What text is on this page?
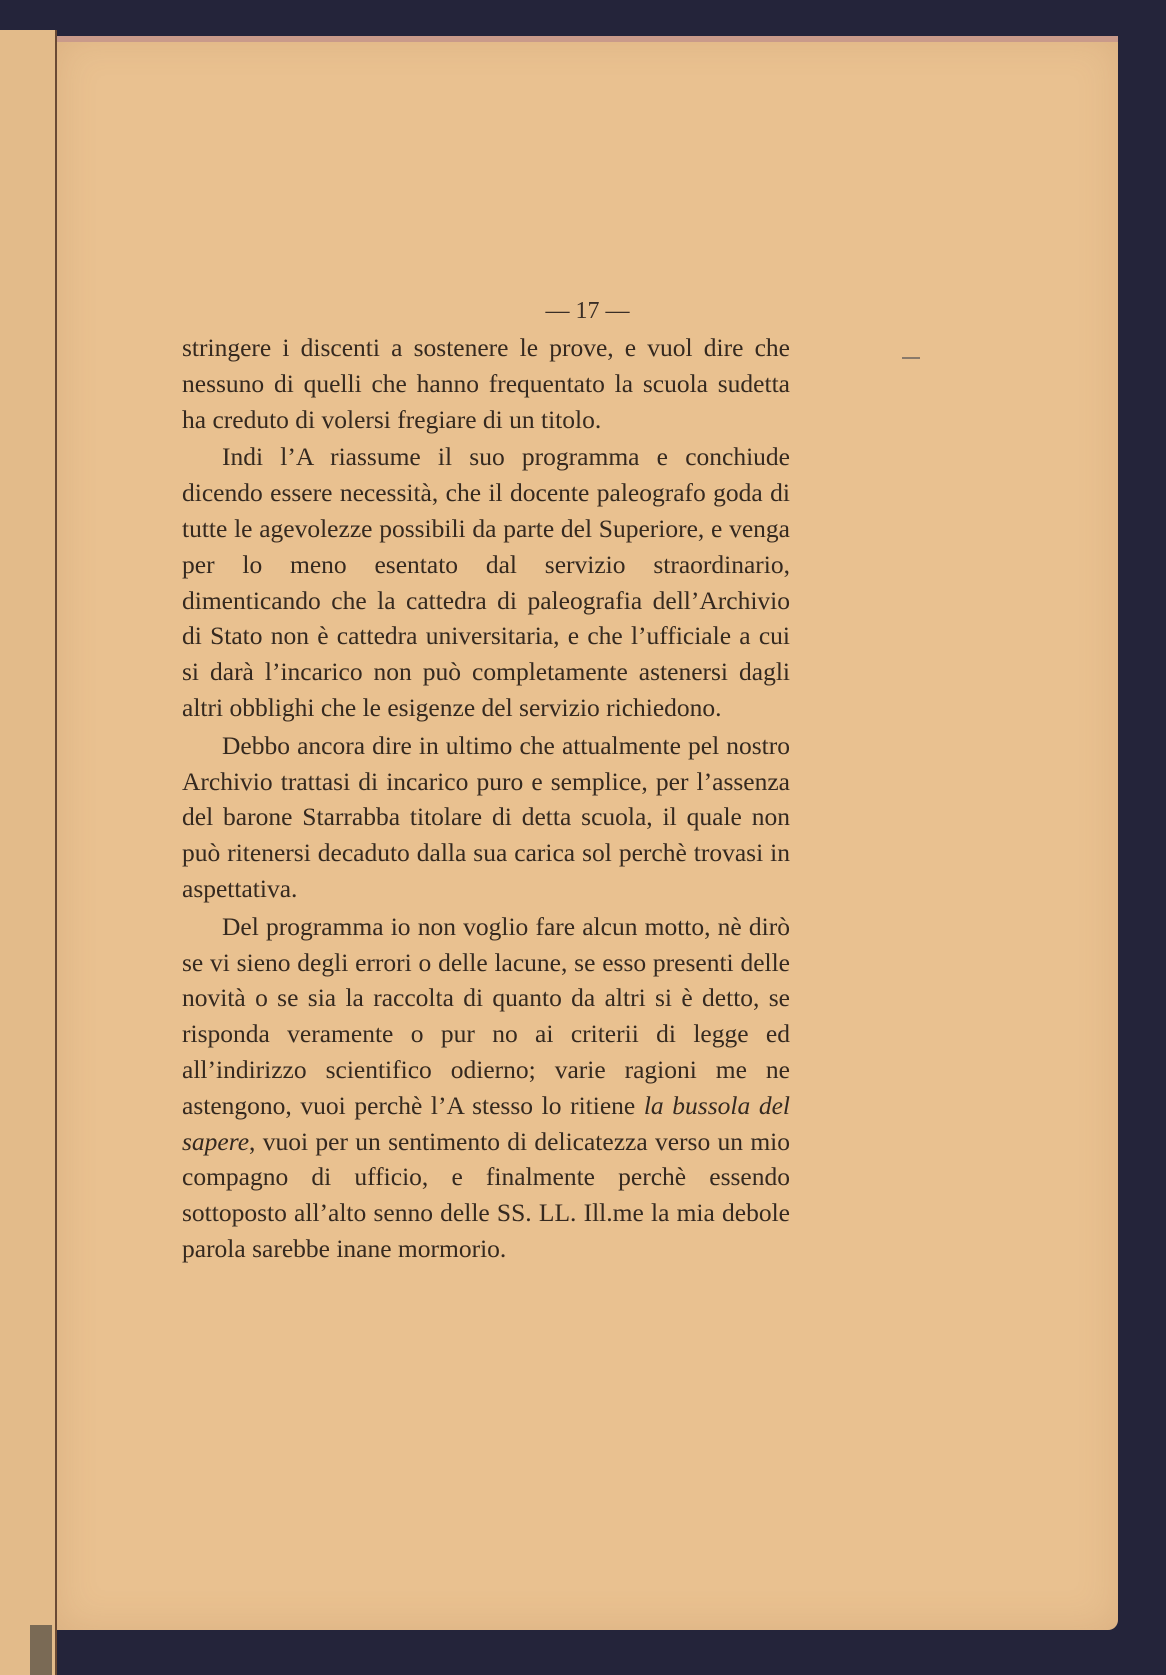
— 17 —

stringere i discenti a sostenere le prove, e vuol dire che nessuno di quelli che hanno frequentato la scuola sudetta ha creduto di volersi fregiare di un titolo.

Indi l’A riassume il suo programma e conchiude dicendo essere necessità, che il docente paleografo goda di tutte le agevolezze possibili da parte del Superiore, e venga per lo meno esentato dal servizio straordinario, dimenticando che la cattedra di paleografia dell’Archivio di Stato non è cattedra universitaria, e che l’ufficiale a cui si darà l’incarico non può completamente astenersi dagli altri obblighi che le esigenze del servizio richiedono.

Debbo ancora dire in ultimo che attualmente pel nostro Archivio trattasi di incarico puro e semplice, per l’assenza del barone Starrabba titolare di detta scuola, il quale non può ritenersi decaduto dalla sua carica sol perchè trovasi in aspettativa.

Del programma io non voglio fare alcun motto, nè dirò se vi sieno degli errori o delle lacune, se esso presenti delle novità o se sia la raccolta di quanto da altri si è detto, se risponda veramente o pur no ai criterii di legge ed all’indirizzo scientifico odierno; varie ragioni me ne astengono, vuoi perchè l’A stesso lo ritiene la bussola del sapere, vuoi per un sentimento di delicatezza verso un mio compagno di ufficio, e finalmente perchè essendo sottoposto all’alto senno delle SS. LL. Ill.me la mia debole parola sarebbe inane mormorio.
